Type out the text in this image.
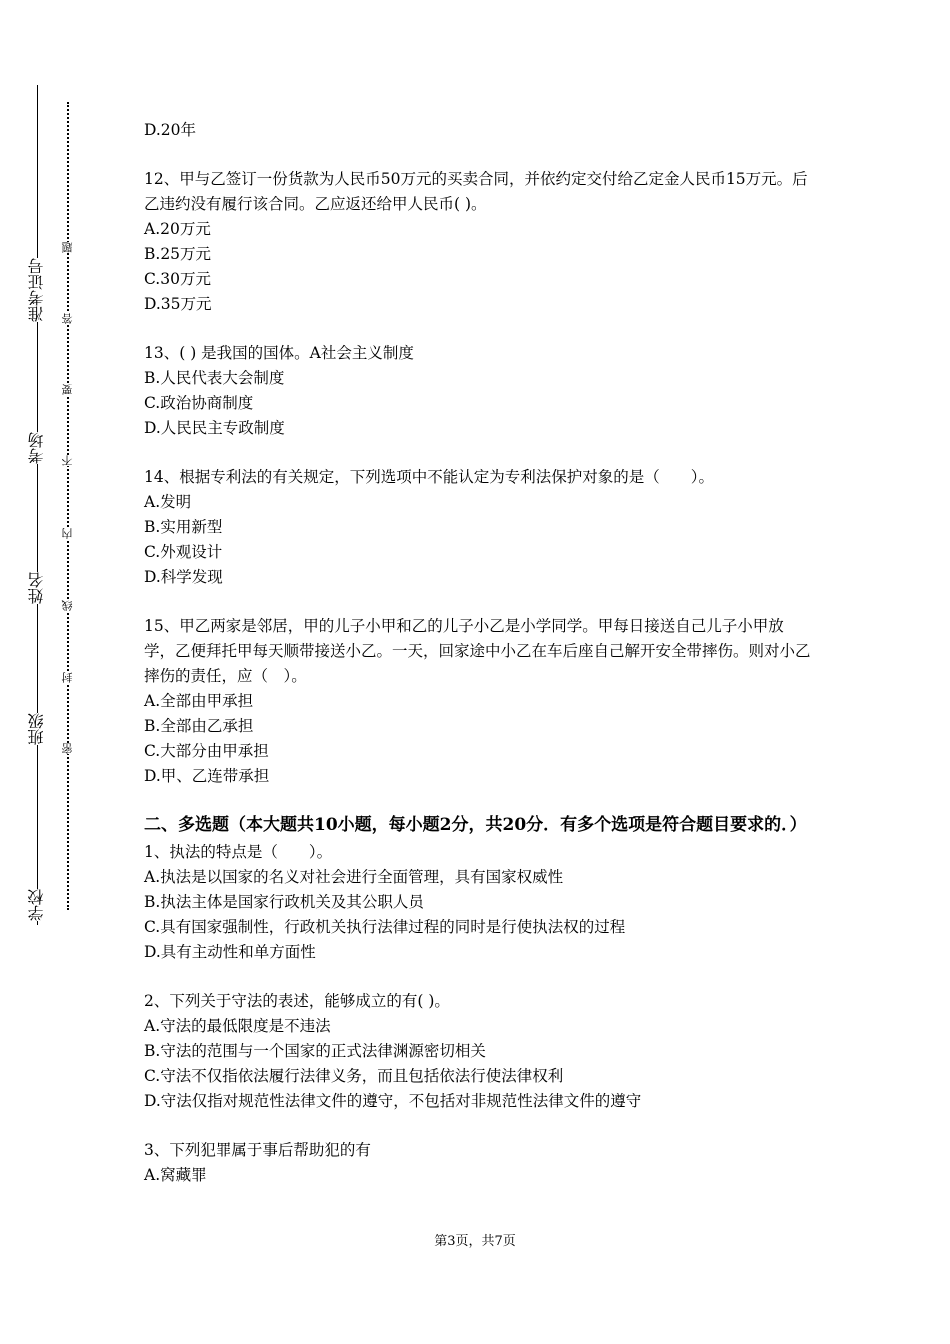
准考证号
考场
姓名
班级
学校
题
答
要
不
内
线
封
密

D.20年

12、甲与乙签订一份货款为人民币50万元的买卖合同，并依约定交付给乙定金人民币15万元。后乙违约没有履行该合同。乙应返还给甲人民币( )。

A.20万元

B.25万元

C.30万元

D.35万元

13、( ) 是我国的国体。A社会主义制度

B.人民代表大会制度

C.政治协商制度

D.人民民主专政制度

14、根据专利法的有关规定，下列选项中不能认定为专利法保护对象的是（　　）。

A.发明

B.实用新型

C.外观设计

D.科学发现

15、甲乙两家是邻居，甲的儿子小甲和乙的儿子小乙是小学同学。甲每日接送自己儿子小甲放学，乙便拜托甲每天顺带接送小乙。一天，回家途中小乙在车后座自己解开安全带摔伤。则对小乙摔伤的责任，应（　）。

A.全部由甲承担

B.全部由乙承担

C.大部分由甲承担

D.甲、乙连带承担

二、多选题（本大题共10小题，每小题2分，共20分．有多个选项是符合题目要求的．）

1、执法的特点是（　　）。

A.执法是以国家的名义对社会进行全面管理，具有国家权威性

B.执法主体是国家行政机关及其公职人员

C.具有国家强制性，行政机关执行法律过程的同时是行使执法权的过程

D.具有主动性和单方面性

2、下列关于守法的表述，能够成立的有( )。

A.守法的最低限度是不违法

B.守法的范围与一个国家的正式法律渊源密切相关

C.守法不仅指依法履行法律义务，而且包括依法行使法律权利

D.守法仅指对规范性法律文件的遵守，不包括对非规范性法律文件的遵守

3、下列犯罪属于事后帮助犯的有

A.窝藏罪

第3页，共7页
